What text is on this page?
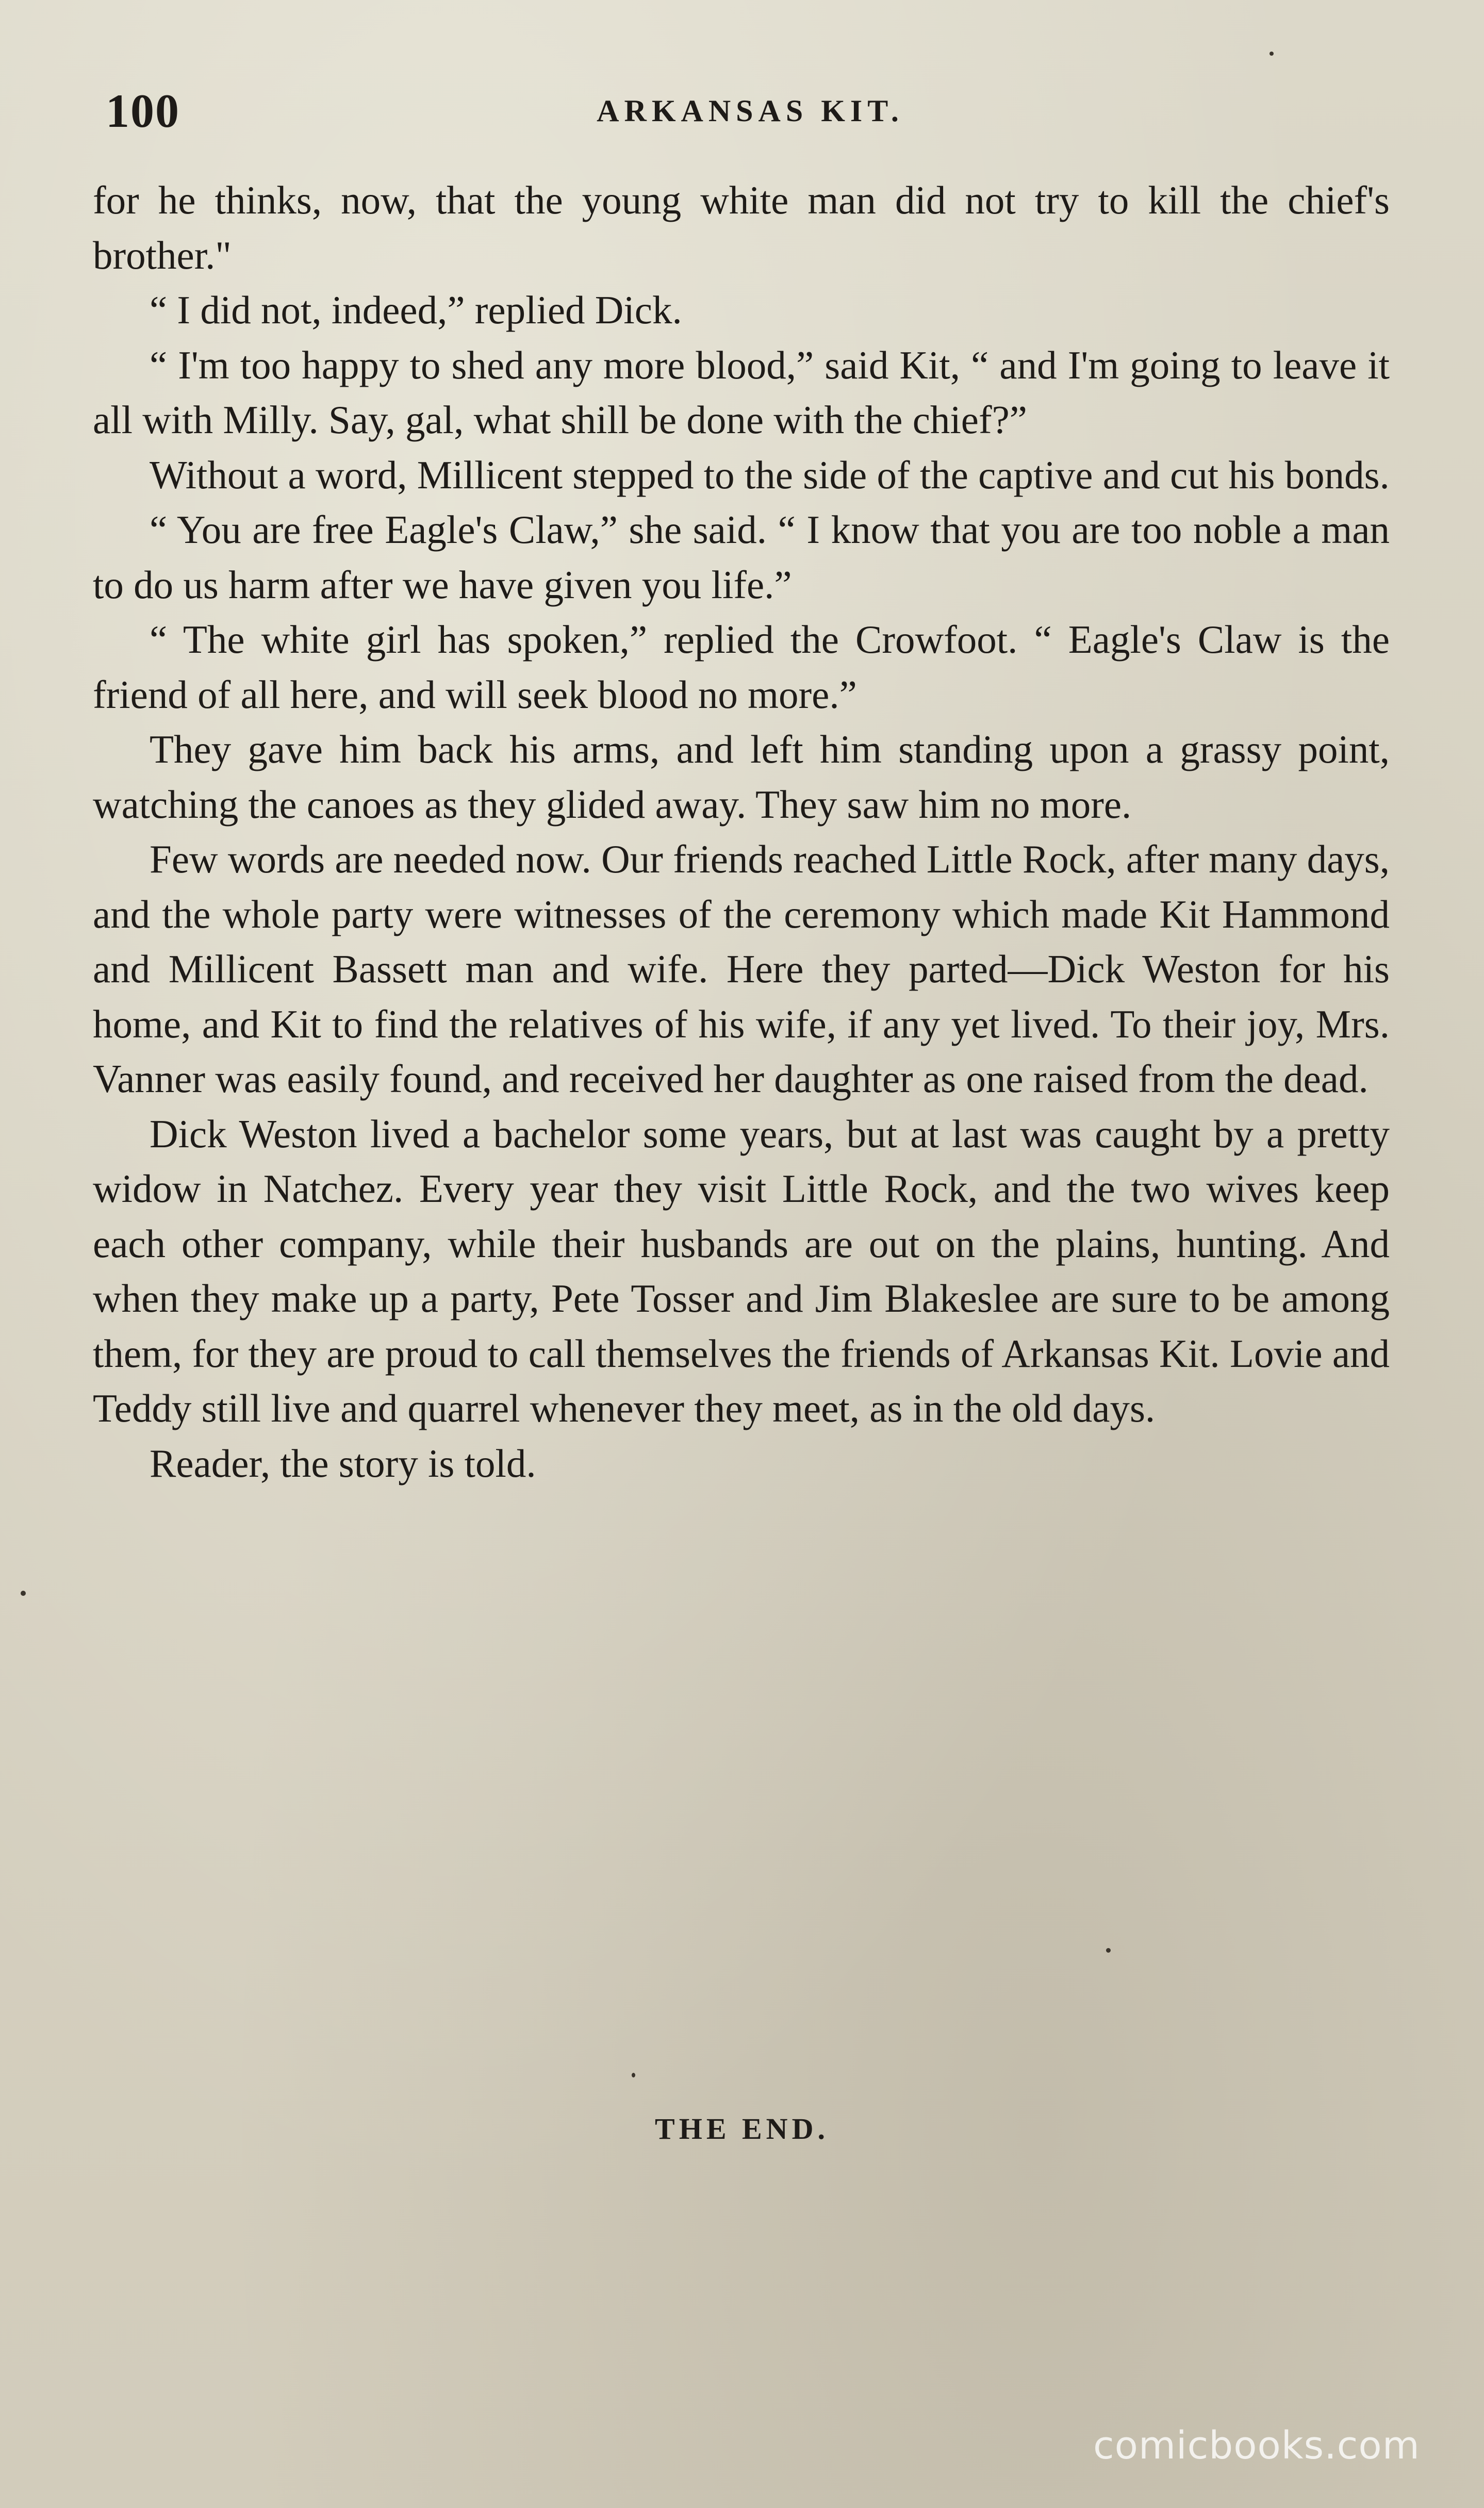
100	ARKANSAS KIT.

for he thinks, now, that the young white man did not try to kill the chief's brother."

“ I did not, indeed,” replied Dick.

“ I'm too happy to shed any more blood,” said Kit, “ and I'm going to leave it all with Milly. Say, gal, what shill be done with the chief?”

Without a word, Millicent stepped to the side of the captive and cut his bonds.

“ You are free Eagle's Claw,” she said. “ I know that you are too noble a man to do us harm after we have given you life.”

“ The white girl has spoken,” replied the Crowfoot. “ Eagle's Claw is the friend of all here, and will seek blood no more.”

They gave him back his arms, and left him standing upon a grassy point, watching the canoes as they glided away. They saw him no more.

Few words are needed now. Our friends reached Little Rock, after many days, and the whole party were witnesses of the ceremony which made Kit Hammond and Millicent Bassett man and wife. Here they parted—Dick Weston for his home, and Kit to find the relatives of his wife, if any yet lived. To their joy, Mrs. Vanner was easily found, and received her daughter as one raised from the dead.

Dick Weston lived a bachelor some years, but at last was caught by a pretty widow in Natchez. Every year they visit Little Rock, and the two wives keep each other company, while their husbands are out on the plains, hunting. And when they make up a party, Pete Tosser and Jim Blakeslee are sure to be among them, for they are proud to call themselves the friends of Arkansas Kit. Lovie and Teddy still live and quarrel whenever they meet, as in the old days.

Reader, the story is told.

THE END.
comicbooks.com
